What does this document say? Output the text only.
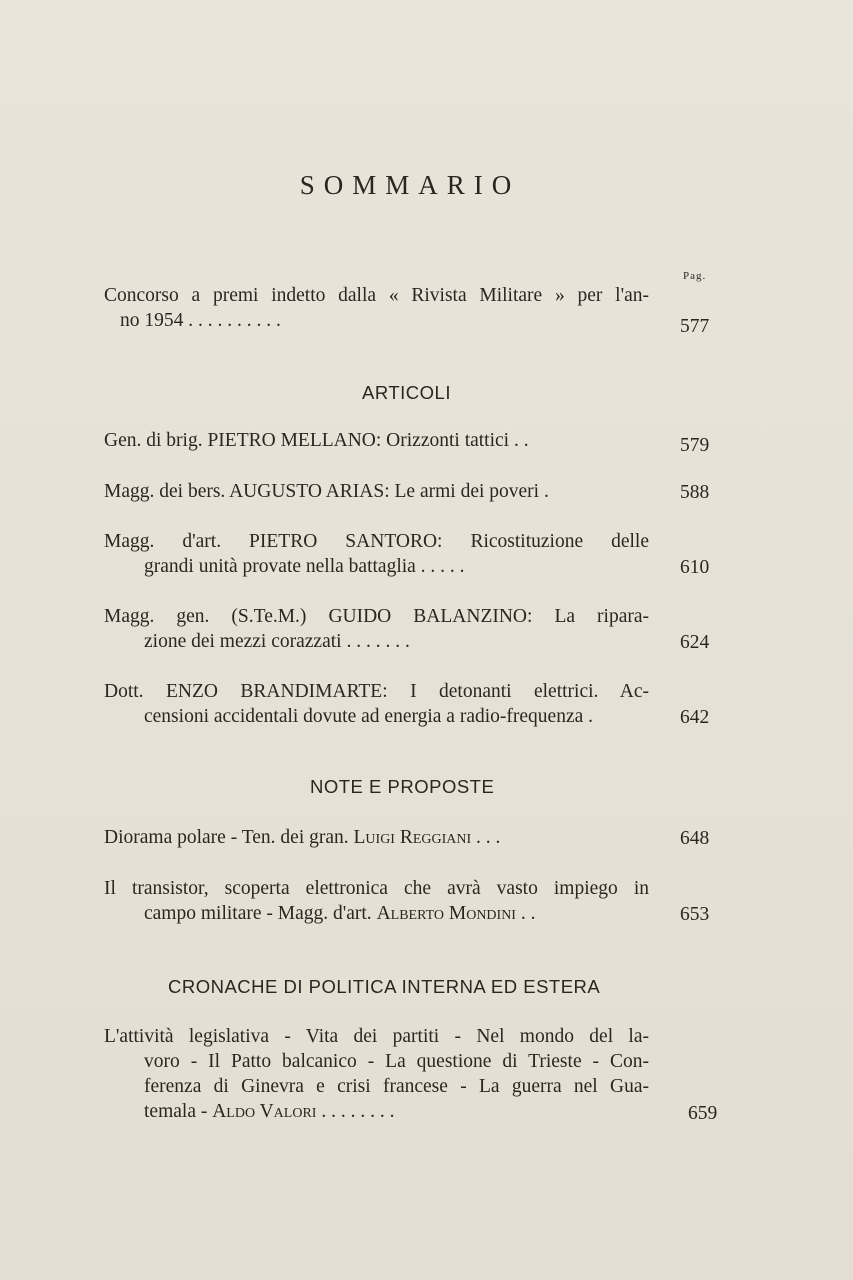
SOMMARIO
Pag.
Concorso a premi indetto dalla « Rivista Militare » per l'an-
no 1954 . . . . . . . . . .	577
ARTICOLI
Gen. di brig. PIETRO MELLANO: Orizzonti tattici . .	579
Magg. dei bers. AUGUSTO ARIAS: Le armi dei poveri .	588
Magg. d'art. PIETRO SANTORO: Ricostituzione delle
grandi unità provate nella battaglia . . . . .	610
Magg. gen. (S.Te.M.) GUIDO BALANZINO: La ripara-
zione dei mezzi corazzati . . . . . . .	624
Dott. ENZO BRANDIMARTE: I detonanti elettrici. Ac-
censioni accidentali dovute ad energia a radio-frequenza .	642
NOTE E PROPOSTE
Diorama polare - Ten. dei gran. Luigi Reggiani . . .	648
Il transistor, scoperta elettronica che avrà vasto impiego in
campo militare - Magg. d'art. Alberto Mondini . .	653
CRONACHE DI POLITICA INTERNA ED ESTERA
L'attività legislativa - Vita dei partiti - Nel mondo del la-
voro - Il Patto balcanico - La questione di Trieste - Con-
ferenza di Ginevra e crisi francese - La guerra nel Gua-
temala - Aldo Valori . . . . . . . .	659
